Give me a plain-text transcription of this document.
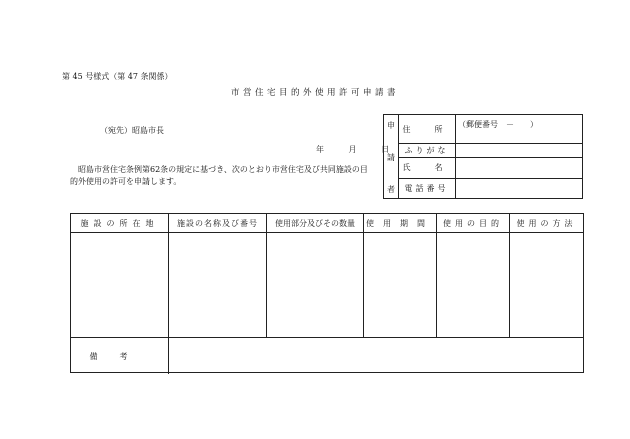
第 45 号様式（第 47 条関係）
市営住宅目的外使用許可申請書
（宛先）昭島市長
年 月 日
昭島市営住宅条例第62条の規定に基づき、次のとおり市営住宅及び共同施設の目的外使用の許可を申請します。
申
請
者
住　所 （郵便番号　－　　）
ふりがな
氏　名
電話番号
施設の所在地	施設の名称及び番号	使用部分及びその数量	使用期間	使用の目的	使用の方法
備考
